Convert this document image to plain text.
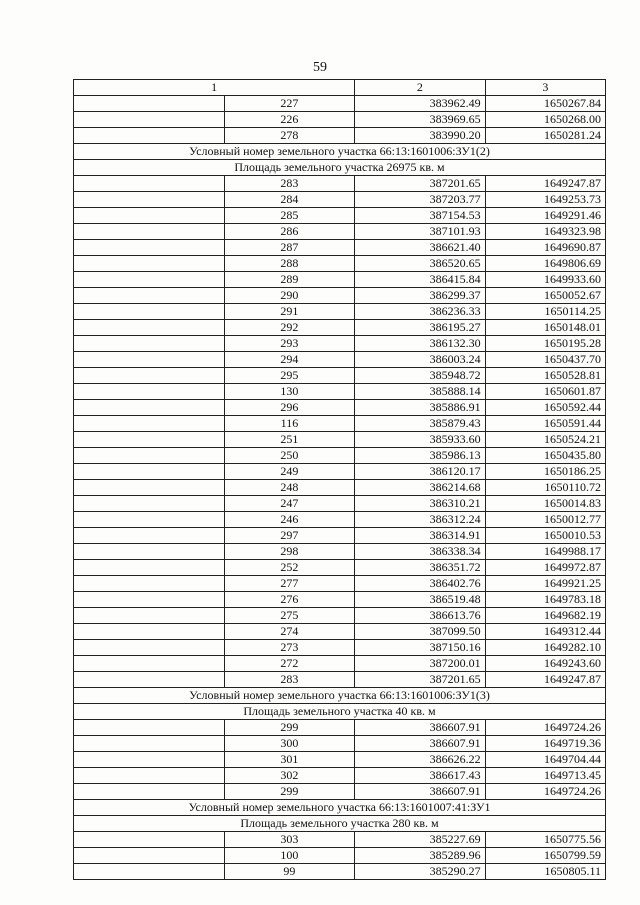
59
1		2	3
	227	383962.49	1650267.84
	226	383969.65	1650268.00
	278	383990.20	1650281.24
Условный номер земельного участка 66:13:1601006:ЗУ1(2)			
Площадь земельного участка 26975 кв. м			
	283	387201.65	1649247.87
	284	387203.77	1649253.73
	285	387154.53	1649291.46
	286	387101.93	1649323.98
	287	386621.40	1649690.87
	288	386520.65	1649806.69
	289	386415.84	1649933.60
	290	386299.37	1650052.67
	291	386236.33	1650114.25
	292	386195.27	1650148.01
	293	386132.30	1650195.28
	294	386003.24	1650437.70
	295	385948.72	1650528.81
	130	385888.14	1650601.87
	296	385886.91	1650592.44
	116	385879.43	1650591.44
	251	385933.60	1650524.21
	250	385986.13	1650435.80
	249	386120.17	1650186.25
	248	386214.68	1650110.72
	247	386310.21	1650014.83
	246	386312.24	1650012.77
	297	386314.91	1650010.53
	298	386338.34	1649988.17
	252	386351.72	1649972.87
	277	386402.76	1649921.25
	276	386519.48	1649783.18
	275	386613.76	1649682.19
	274	387099.50	1649312.44
	273	387150.16	1649282.10
	272	387200.01	1649243.60
	283	387201.65	1649247.87
Условный номер земельного участка 66:13:1601006:ЗУ1(3)			
Площадь земельного участка 40 кв. м			
	299	386607.91	1649724.26
	300	386607.91	1649719.36
	301	386626.22	1649704.44
	302	386617.43	1649713.45
	299	386607.91	1649724.26
Условный номер земельного участка 66:13:1601007:41:ЗУ1			
Площадь земельного участка 280 кв. м			
	303	385227.69	1650775.56
	100	385289.96	1650799.59
	99	385290.27	1650805.11
